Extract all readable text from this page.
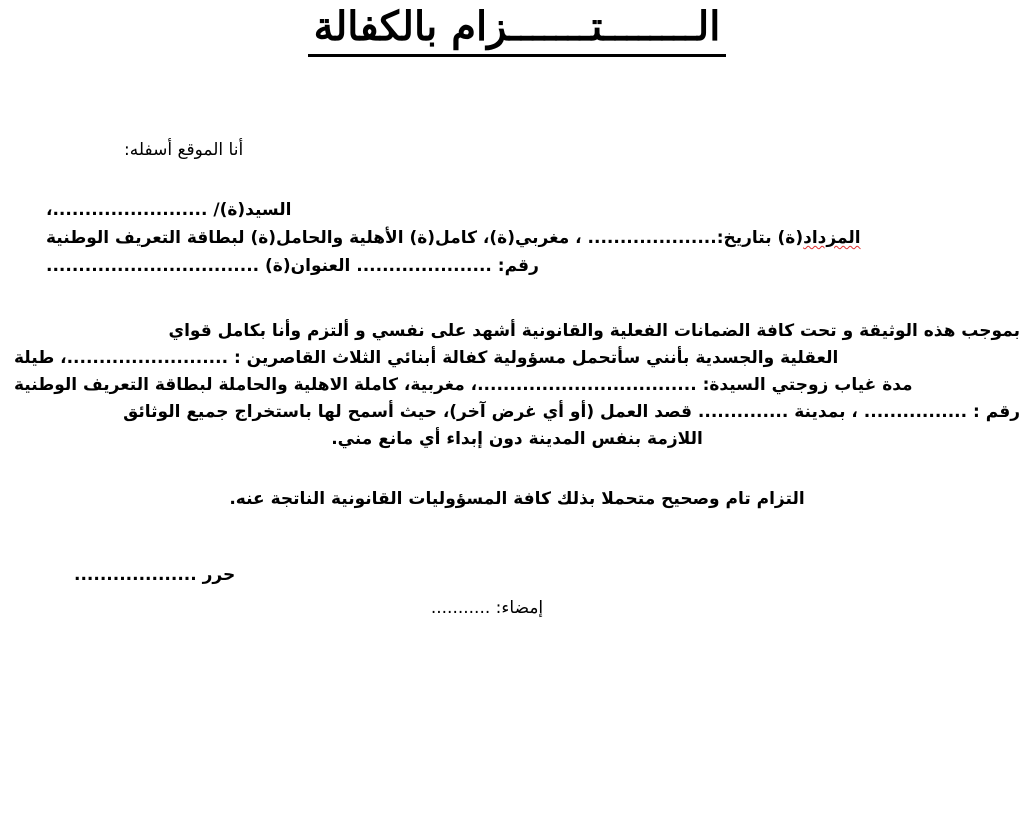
الــــــــتـــــــزام بالكفالة
أنا الموقع أسفله:
السيد(ة)/ ........................،
المزداد(ة) بتاريخ:.................... ، مغربي(ة)، كامل(ة) الأهلية والحامل(ة) لبطاقة التعريف الوطنية
رقم: ..................... العنوان(ة) .................................
بموجب هذه الوثيقة و تحت كافة الضمانات الفعلية والقانونية أشهد على نفسي و ألتزم وأنا بكامل قواي
العقلية والجسدية بأنني سأتحمل مسؤولية كفالة أبنائي الثلاث القاصرين : .........................، طيلة
مدة غياب زوجتي السيدة: ..................................، مغربية، كاملة الاهلية والحاملة لبطاقة التعريف الوطنية
رقم : ................ ، بمدينة .............. قصد العمل (أو أي غرض آخر)، حيث أسمح لها باستخراج جميع الوثائق
اللازمة بنفس المدينة دون إبداء أي مانع مني.
التزام تام وصحيح متحملا بذلك كافة المسؤوليات القانونية الناتجة عنه.
حرر ...................
إمضاء: ...........
